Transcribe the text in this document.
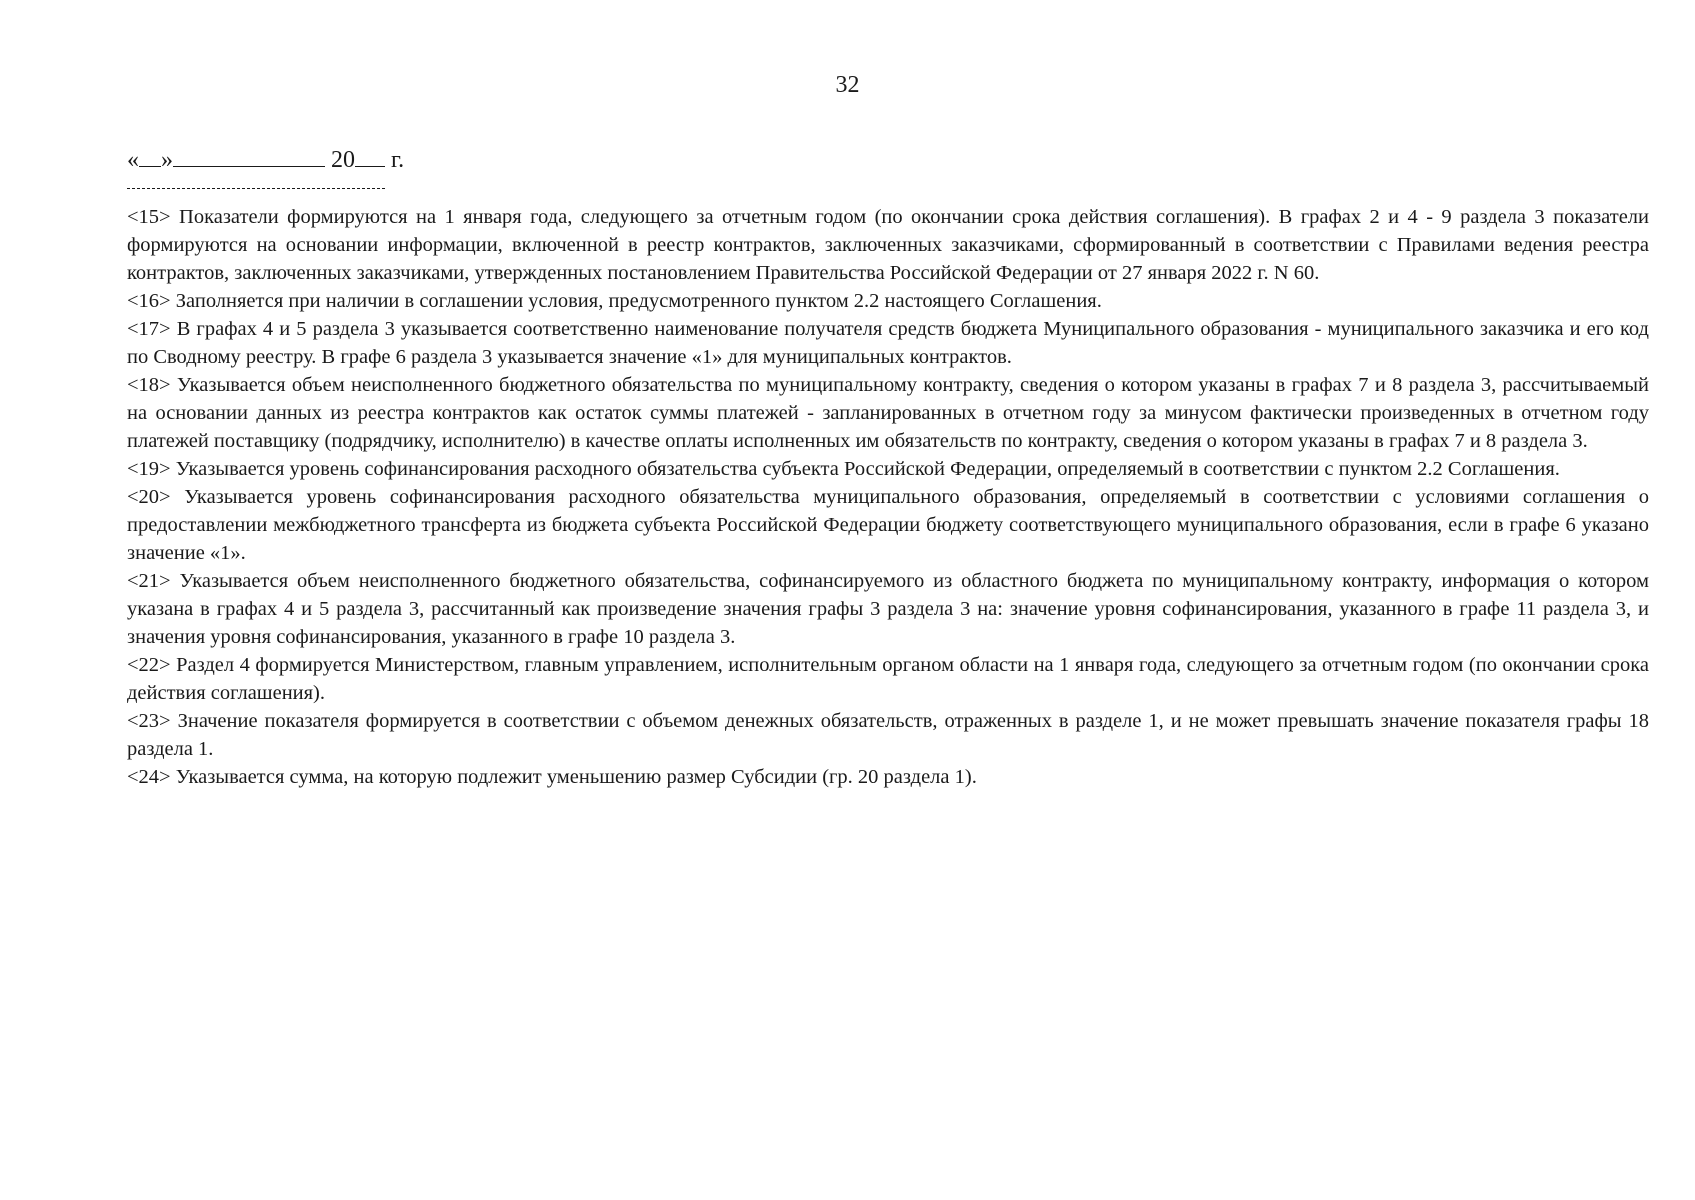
32
« »	20 г.

<15> Показатели формируются на 1 января года, следующего за отчетным годом (по окончании срока действия соглашения). В графах 2 и 4 - 9 раздела 3 показатели формируются на основании информации, включенной в реестр контрактов, заключенных заказчиками, сформированный в соответствии с Правилами ведения реестра контрактов, заключенных заказчиками, утвержденных постановлением Правительства Российской Федерации от 27 января 2022 г. N 60.

<16> Заполняется при наличии в соглашении условия, предусмотренного пунктом 2.2 настоящего Соглашения.

<17> В графах 4 и 5 раздела 3 указывается соответственно наименование получателя средств бюджета Муниципального образования - муниципального заказчика и его код по Сводному реестру. В графе 6 раздела 3 указывается значение «1» для муниципальных контрактов.

<18> Указывается объем неисполненного бюджетного обязательства по муниципальному контракту, сведения о котором указаны в графах 7 и 8 раздела 3, рассчитываемый на основании данных из реестра контрактов как остаток суммы платежей - запланированных в отчетном году за минусом фактически произведенных в отчетном году платежей поставщику (подрядчику, исполнителю) в качестве оплаты исполненных им обязательств по контракту, сведения о котором указаны в графах 7 и 8 раздела 3.

<19> Указывается уровень софинансирования расходного обязательства субъекта Российской Федерации, определяемый в соответствии с пунктом 2.2 Соглашения.

<20> Указывается уровень софинансирования расходного обязательства муниципального образования, определяемый в соответствии с условиями соглашения о предоставлении межбюджетного трансферта из бюджета субъекта Российской Федерации бюджету соответствующего муниципального образования, если в графе 6 указано значение «1».

<21> Указывается объем неисполненного бюджетного обязательства, софинансируемого из областного бюджета по муниципальному контракту, информация о котором указана в графах 4 и 5 раздела 3, рассчитанный как произведение значения графы 3 раздела 3 на: значение уровня софинансирования, указанного в графе 11 раздела 3, и значения уровня софинансирования, указанного в графе 10 раздела 3.

<22> Раздел 4 формируется Министерством, главным управлением, исполнительным органом области на 1 января года, следующего за отчетным годом (по окончании срока действия соглашения).

<23> Значение показателя формируется в соответствии с объемом денежных обязательств, отраженных в разделе 1, и не может превышать значение показателя графы 18 раздела 1.

<24> Указывается сумма, на которую подлежит уменьшению размер Субсидии (гр. 20 раздела 1).
